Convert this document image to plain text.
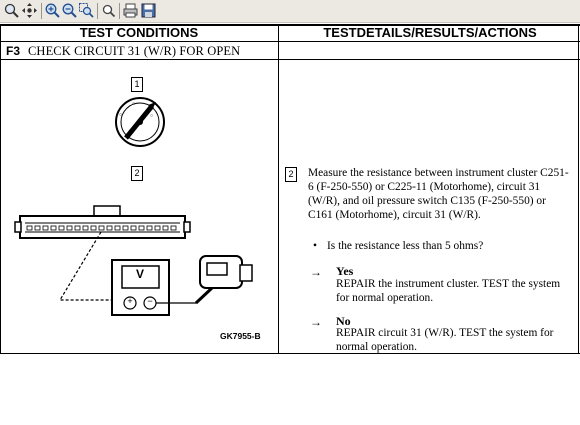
TEST CONDITIONS	TESTDETAILS/RESULTS/ACTIONS
F3 CHECK CIRCUIT 31 (W/R) FOR OPEN
1
○
○
○
2
V
+ −
GK7955-B
2	Measure the resistance between instrument cluster C251-6 (F-250-550) or C225-11 (Motorhome), circuit 31 (W/R), and oil pressure switch C135 (F-250-550) or C161 (Motorhome), circuit 31 (W/R).
• Is the resistance less than 5 ohms?
→ Yes
REPAIR the instrument cluster. TEST the system for normal operation.
→ No
REPAIR circuit 31 (W/R). TEST the system for normal operation.
